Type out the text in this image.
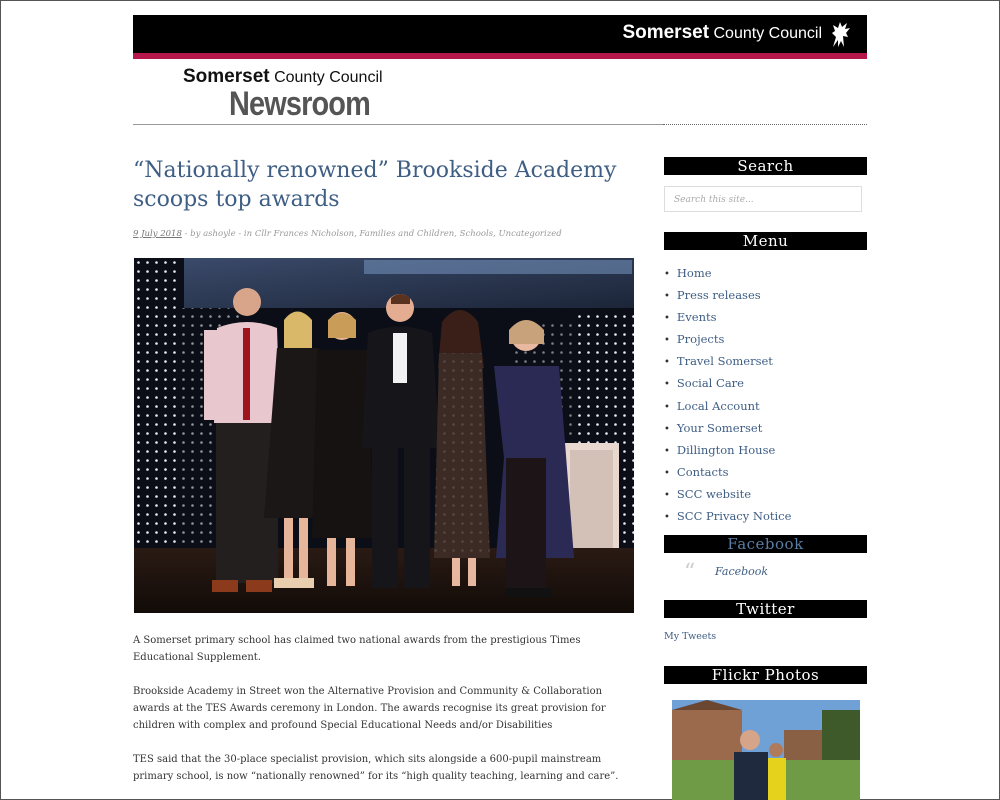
Somerset County Council
Somerset County Council
Newsroom
“Nationally renowned” Brookside Academy scoops top awards
9 July 2018 - by ashoyle - in Cllr Frances Nicholson, Families and Children, Schools, Uncategorized

A Somerset primary school has claimed two national awards from the prestigious Times Educational Supplement.

Brookside Academy in Street won the Alternative Provision and Community & Collaboration awards at the TES Awards ceremony in London. The awards recognise its great provision for children with complex and profound Special Educational Needs and/or Disabilities

TES said that the 30-place specialist provision, which sits alongside a 600-pupil mainstream primary school, is now “nationally renowned” for its “high quality teaching, learning and care”.

Search
Search this site...
Menu
• Home
• Press releases
• Events
• Projects
• Travel Somerset
• Social Care
• Local Account
• Your Somerset
• Dillington House
• Contacts
• SCC website
• SCC Privacy Notice
Facebook
“ Facebook
Twitter
My Tweets
Flickr Photos
